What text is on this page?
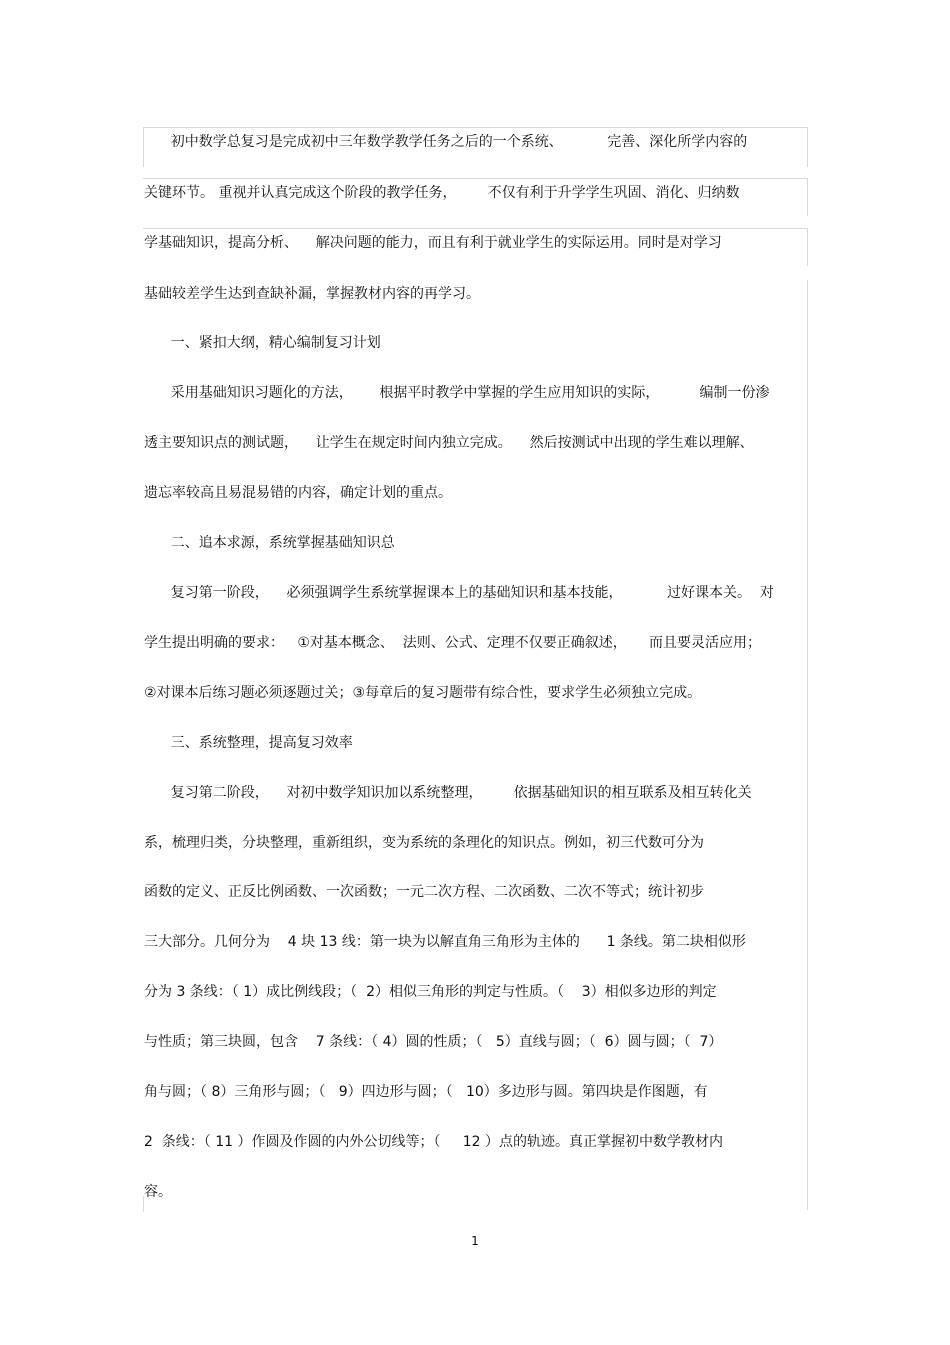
初中数学总复习是完成初中三年数学教学任务之后的一个系统、          完善、深化所学内容的
关键环节。 重视并认真完成这个阶段的教学任务，       不仅有利于升学学生巩固、消化、归纳数
学基础知识，提高分析、    解决问题的能力，而且有利于就业学生的实际运用。同时是对学习
基础较差学生达到查缺补漏，掌握教材内容的再学习。
一、紧扣大纲，精心编制复习计划
采用基础知识习题化的方法，      根据平时教学中掌握的学生应用知识的实际，         编制一份渗
透主要知识点的测试题，    让学生在规定时间内独立完成。    然后按测试中出现的学生难以理解、
遗忘率较高且易混易错的内容，确定计划的重点。
二、追本求源，系统掌握基础知识总
复习第一阶段，    必须强调学生系统掌握课本上的基础知识和基本技能，          过好课本关。  对
学生提出明确的要求：   ①对基本概念、  法则、公式、定理不仅要正确叙述，     而且要灵活应用；
②对课本后练习题必须逐题过关；③每章后的复习题带有综合性，要求学生必须独立完成。
三、系统整理，提高复习效率
复习第二阶段，    对初中数学知识加以系统整理，       依据基础知识的相互联系及相互转化关
系，梳理归类，分块整理，重新组织，变为系统的条理化的知识点。例如，初三代数可分为
函数的定义、正反比例函数、一次函数；一元二次方程、二次函数、二次不等式；统计初步
三大部分。几何分为    4 块 13 线：第一块为以解直角三角形为主体的      1 条线。第二块相似形
分为 3 条线：（ 1）成比例线段；（  2）相似三角形的判定与性质。（    3）相似多边形的判定
与性质；第三块圆，包含    7 条线：（ 4）圆的性质；（   5）直线与圆；（  6）圆与圆；（  7）
角与圆；（ 8）三角形与圆；（   9）四边形与圆；（   10）多边形与圆。第四块是作图题，有
2  条线：（ 11 ）作圆及作圆的内外公切线等；（     12 ）点的轨迹。真正掌握初中数学教材内
容。
1
